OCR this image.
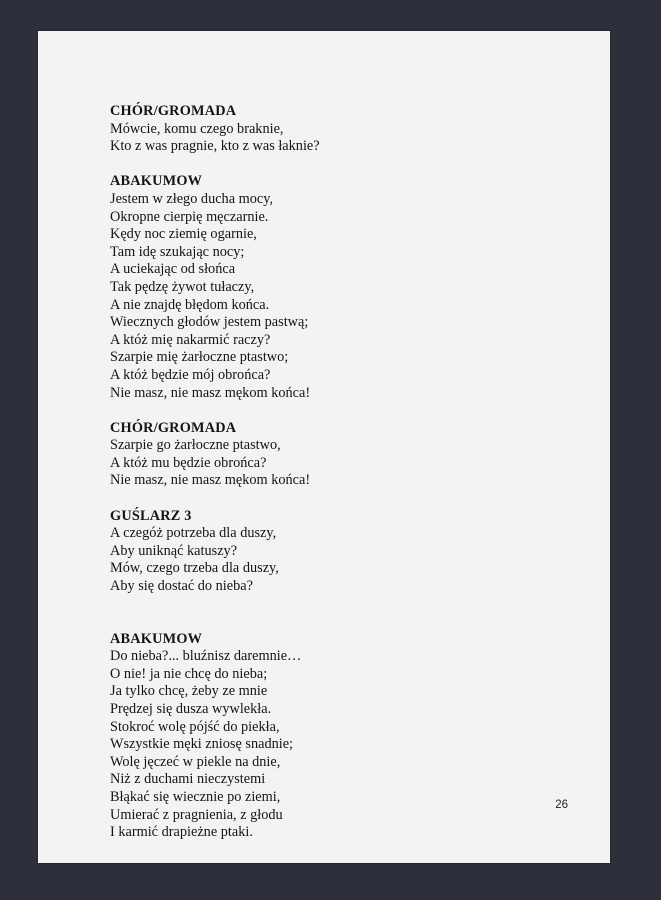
CHÓR/GROMADA
Mówcie, komu czego braknie,
Kto z was pragnie, kto z was łaknie?
ABAKUMOW
Jestem w złego ducha mocy,
Okropne cierpię męczarnie.
Kędy noc ziemię ogarnie,
Tam idę szukając nocy;
A uciekając od słońca
Tak pędzę żywot tułaczy,
A nie znajdę błędom końca.
Wiecznych głodów jestem pastwą;
A któż mię nakarmić raczy?
Szarpie mię żarłoczne ptastwo;
A któż będzie mój obrońca?
Nie masz, nie masz mękom końca!
CHÓR/GROMADA
Szarpie go żarłoczne ptastwo,
A któż mu będzie obrońca?
Nie masz, nie masz mękom końca!
GUŚLARZ 3
A czegóż potrzeba dla duszy,
Aby uniknąć katuszy?
Mów, czego trzeba dla duszy,
Aby się dostać do nieba?
ABAKUMOW
Do nieba?... bluźnisz daremnie…
O nie! ja nie chcę do nieba;
Ja tylko chcę, żeby ze mnie
Prędzej się dusza wywlekła.
Stokroć wolę pójść do piekła,
Wszystkie męki zniosę snadnie;
Wolę jęczeć w piekle na dnie,
Niż z duchami nieczystemi
Błąkać się wiecznie po ziemi,
Umierać z pragnienia, z głodu
I karmić drapieżne ptaki.
26
